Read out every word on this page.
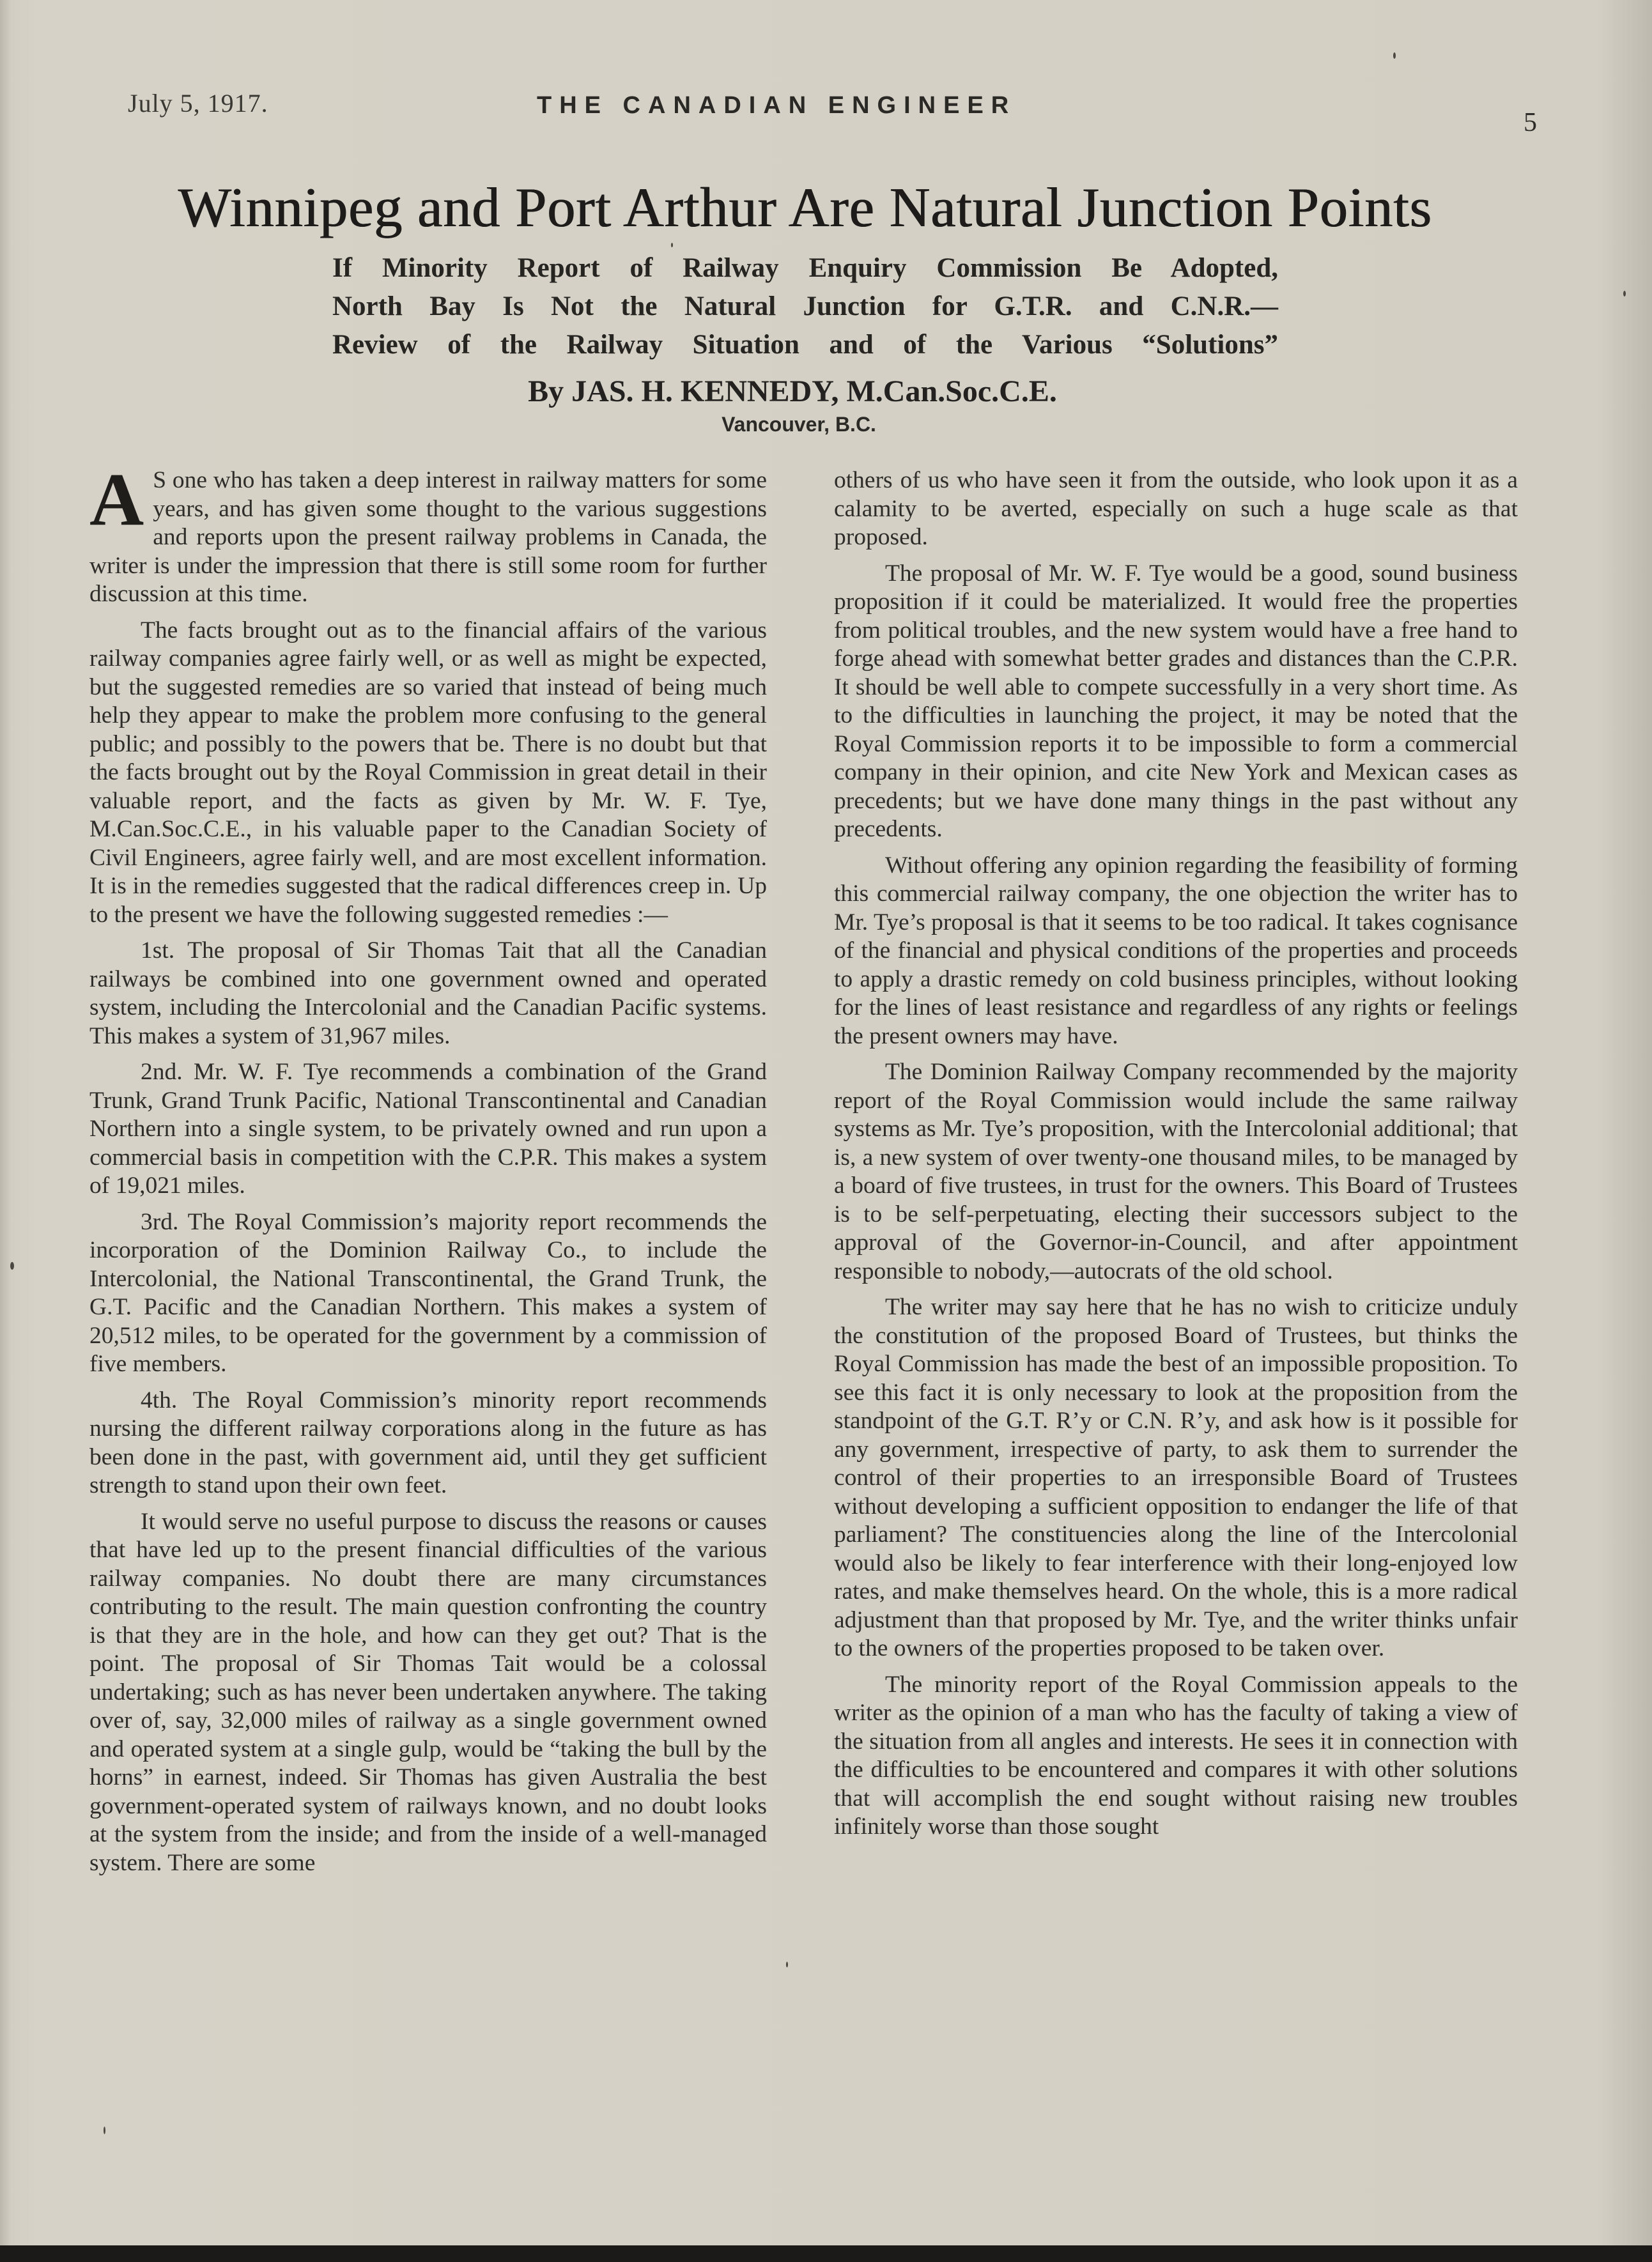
July 5, 1917.	THE CANADIAN ENGINEER
5
Winnipeg and Port Arthur Are Natural Junction Points
If Minority Report of Railway Enquiry Commission Be Adopted,
North Bay Is Not the Natural Junction for G.T.R. and C.N.R.—
Review of the Railway Situation and of the Various “Solutions”
By JAS. H. KENNEDY, M.Can.Soc.C.E.
Vancouver, B.C.

A S one who has taken a deep interest in railway matters for some years, and has given some thought to the various suggestions and reports upon the present railway problems in Canada, the writer is under the impression that there is still some room for further discussion at this time.

The facts brought out as to the financial affairs of the various railway companies agree fairly well, or as well as might be expected, but the suggested remedies are so varied that instead of being much help they appear to make the problem more confusing to the general public; and possibly to the powers that be. There is no doubt but that the facts brought out by the Royal Commission in great detail in their valuable report, and the facts as given by Mr. W. F. Tye, M.Can.Soc.C.E., in his valuable paper to the Canadian Society of Civil Engineers, agree fairly well, and are most excellent information. It is in the remedies suggested that the radical differences creep in. Up to the present we have the following suggested remedies :—

1st. The proposal of Sir Thomas Tait that all the Canadian railways be combined into one government owned and operated system, including the Intercolonial and the Canadian Pacific systems. This makes a system of 31,967 miles.

2nd. Mr. W. F. Tye recommends a combination of the Grand Trunk, Grand Trunk Pacific, National Transcontinental and Canadian Northern into a single system, to be privately owned and run upon a commercial basis in competition with the C.P.R. This makes a system of 19,021 miles.

3rd. The Royal Commission’s majority report recommends the incorporation of the Dominion Railway Co., to include the Intercolonial, the National Transcontinental, the Grand Trunk, the G.T. Pacific and the Canadian Northern. This makes a system of 20,512 miles, to be operated for the government by a commission of five members.

4th. The Royal Commission’s minority report recommends nursing the different railway corporations along in the future as has been done in the past, with government aid, until they get sufficient strength to stand upon their own feet.

It would serve no useful purpose to discuss the reasons or causes that have led up to the present financial difficulties of the various railway companies. No doubt there are many circumstances contributing to the result. The main question confronting the country is that they are in the hole, and how can they get out? That is the point. The proposal of Sir Thomas Tait would be a colossal undertaking; such as has never been undertaken anywhere. The taking over of, say, 32,000 miles of railway as a single government owned and operated system at a single gulp, would be “taking the bull by the horns” in earnest, indeed. Sir Thomas has given Australia the best government-operated system of railways known, and no doubt looks at the system from the inside; and from the inside of a well-managed system. There are some

others of us who have seen it from the outside, who look upon it as a calamity to be averted, especially on such a huge scale as that proposed.

The proposal of Mr. W. F. Tye would be a good, sound business proposition if it could be materialized. It would free the properties from political troubles, and the new system would have a free hand to forge ahead with somewhat better grades and distances than the C.P.R. It should be well able to compete successfully in a very short time. As to the difficulties in launching the project, it may be noted that the Royal Commission reports it to be impossible to form a commercial company in their opinion, and cite New York and Mexican cases as precedents; but we have done many things in the past without any precedents.

Without offering any opinion regarding the feasibility of forming this commercial railway company, the one objection the writer has to Mr. Tye’s proposal is that it seems to be too radical. It takes cognisance of the financial and physical conditions of the properties and proceeds to apply a drastic remedy on cold business principles, without looking for the lines of least resistance and regardless of any rights or feelings the present owners may have.

The Dominion Railway Company recommended by the majority report of the Royal Commission would include the same railway systems as Mr. Tye’s proposition, with the Intercolonial additional; that is, a new system of over twenty-one thousand miles, to be managed by a board of five trustees, in trust for the owners. This Board of Trustees is to be self-perpetuating, electing their successors subject to the approval of the Governor-in-Council, and after appointment responsible to nobody,—autocrats of the old school.

The writer may say here that he has no wish to criticize unduly the constitution of the proposed Board of Trustees, but thinks the Royal Commission has made the best of an impossible proposition. To see this fact it is only necessary to look at the proposition from the standpoint of the G.T. R’y or C.N. R’y, and ask how is it possible for any government, irrespective of party, to ask them to surrender the control of their properties to an irresponsible Board of Trustees without developing a sufficient opposition to endanger the life of that parliament? The constituencies along the line of the Intercolonial would also be likely to fear interference with their long-enjoyed low rates, and make themselves heard. On the whole, this is a more radical adjustment than that proposed by Mr. Tye, and the writer thinks unfair to the owners of the properties proposed to be taken over.

The minority report of the Royal Commission appeals to the writer as the opinion of a man who has the faculty of taking a view of the situation from all angles and interests. He sees it in connection with the difficulties to be encountered and compares it with other solutions that will accomplish the end sought without raising new troubles infinitely worse than those sought
